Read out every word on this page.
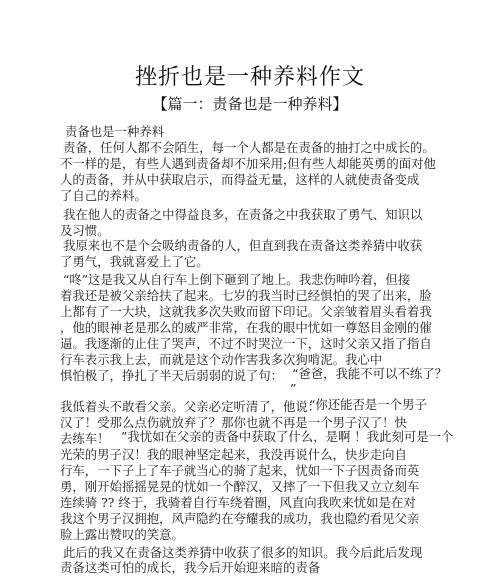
挫折也是一种养料作文
【篇一：责备也是一种养料】
责备也是一种养料
责备，任何人都不会陌生，每一个人都是在责备的抽打之中成长的。
不一样的是，有些人遇到责备却不加采用;但有些人却能英勇的面对他
人的责备，并从中获取启示，而得益无量，这样的人就使责备变成
了自己的养料。
我在他人的责备之中得益良多，在责备之中我获取了勇气、知识以
及习惯。
我原来也不是个会吸纳责备的人，但直到我在责备这类养猜中收获
了勇气，我就喜爱上了它。
“咚”这是我又从自行车上倒下砸到了地上。我悲伤呻吟着，但接
着我还是被父亲给扶了起来。七岁的我当时已经惧怕的哭了出来，脸
上都有了一大块，这就我多次失败而留下印记。父亲皱着眉头看着我
，他的眼神老是那么的威严非常，在我的眼中忧如一尊怒目金刚的催
逼。我逐渐的止住了哭声，不过不时哭泣一下，这时父亲又指了指自
行车表示我上去，而就是这个动作害我多次狗啃泥。我心中
惧怕极了，挣扎了半天后弱弱的说了句： “爸爸，我能不可以不练了？
”
我低着头不敢看父亲。父亲必定听清了，他说：
“你还能否是一个男子
汉了！受那么点伤就放弃了？那你也就不再是一个男子汉了！快
去练车！ ”我忧如在父亲的责备中获取了什么，是啊 ！我此刻可是一个
光荣的男子汉！我的眼神坚定起来，我没再说什么，快步走向自
行车，一下子上了车子就当心的骑了起来，忧如一下子因责备而英
勇，刚开始摇摇晃晃的忧如一个醉汉，又摔了一下但我又立立刻车
连续骑 ?? 终于，我骑着自行车绕着圈，风直向我吹来忧如是在对
我这个男子汉拥抱，风声隐约在夸耀我的成功，我也隐约看见父亲
脸上露出赞叹的笑意。
此后的我又在责备这类养猜中收获了很多的知识。我今后此后发现
责备这类可怕的成长，我今后开始迎来暗的责备
